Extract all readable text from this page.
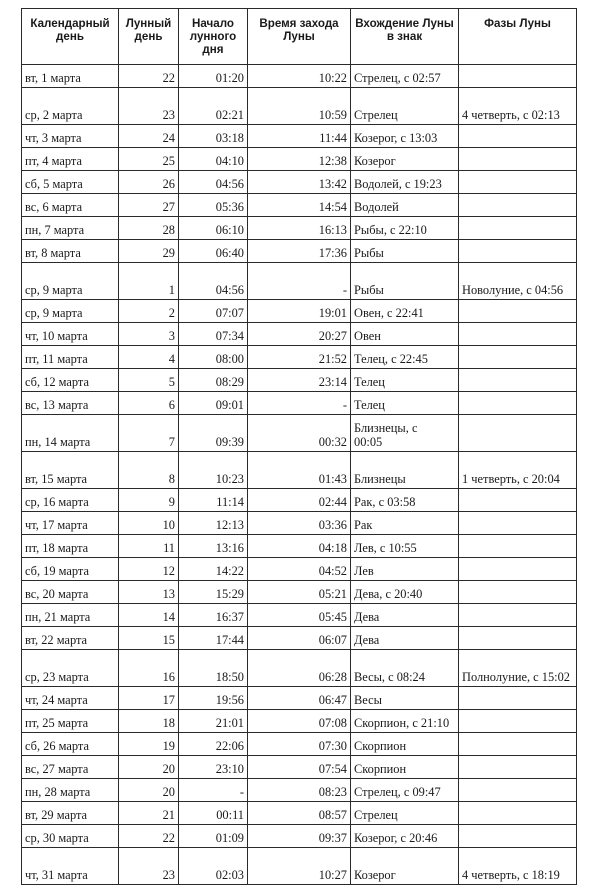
Календарный день	Лунный день	Начало лунного дня	Время захода Луны	Вхождение Луны в знак	Фазы Луны
вт, 1 марта	22	01:20	10:22	Стрелец, с 02:57	
ср, 2 марта	23	02:21	10:59	Стрелец	4 четверть, с 02:13
чт, 3 марта	24	03:18	11:44	Козерог, с 13:03	
пт, 4 марта	25	04:10	12:38	Козерог	
сб, 5 марта	26	04:56	13:42	Водолей, с 19:23	
вс, 6 марта	27	05:36	14:54	Водолей	
пн, 7 марта	28	06:10	16:13	Рыбы, с 22:10	
вт, 8 марта	29	06:40	17:36	Рыбы	
ср, 9 марта	1	04:56	-	Рыбы	Новолуние, с 04:56
ср, 9 марта	2	07:07	19:01	Овен, с 22:41	
чт, 10 марта	3	07:34	20:27	Овен	
пт, 11 марта	4	08:00	21:52	Телец, с 22:45	
сб, 12 марта	5	08:29	23:14	Телец	
вс, 13 марта	6	09:01	-	Телец	
пн, 14 марта	7	09:39	00:32	Близнецы, с
00:05	

вт, 15 марта	8	10:23	01:43	Близнецы	1 четверть, с 20:04
ср, 16 марта	9	11:14	02:44	Рак, с 03:58	
чт, 17 марта	10	12:13	03:36	Рак	
пт, 18 марта	11	13:16	04:18	Лев, с 10:55	
сб, 19 марта	12	14:22	04:52	Лев	
вс, 20 марта	13	15:29	05:21	Дева, с 20:40	
пн, 21 марта	14	16:37	05:45	Дева	
вт, 22 марта	15	17:44	06:07	Дева	
ср, 23 марта	16	18:50	06:28	Весы, с 08:24	Полнолуние, с 15:02
чт, 24 марта	17	19:56	06:47	Весы	
пт, 25 марта	18	21:01	07:08	Скорпион, с 21:10	
сб, 26 марта	19	22:06	07:30	Скорпион	
вс, 27 марта	20	23:10	07:54	Скорпион	
пн, 28 марта	20	-	08:23	Стрелец, с 09:47	
вт, 29 марта	21	00:11	08:57	Стрелец	
ср, 30 марта	22	01:09	09:37	Козерог, с 20:46	
чт, 31 марта	23	02:03	10:27	Козерог	4 четверть, с 18:19
